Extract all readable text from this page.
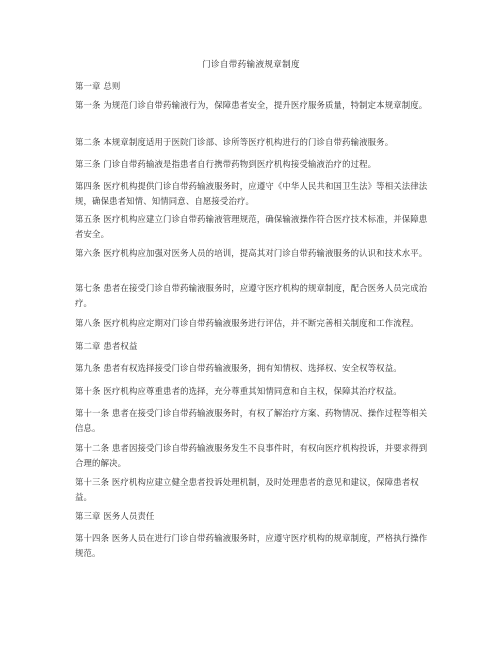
门诊自带药输液规章制度

第一章 总则

第一条 为规范门诊自带药输液行为，保障患者安全，提升医疗服务质量，特制定本规章制度。

第二条 本规章制度适用于医院门诊部、诊所等医疗机构进行的门诊自带药输液服务。

第三条 门诊自带药输液是指患者自行携带药物到医疗机构接受输液治疗的过程。

第四条 医疗机构提供门诊自带药输液服务时，应遵守《中华人民共和国卫生法》等相关法律法规，确保患者知情、知情同意、自愿接受治疗。

第五条 医疗机构应建立门诊自带药输液管理规范，确保输液操作符合医疗技术标准，并保障患者安全。

第六条 医疗机构应加强对医务人员的培训，提高其对门诊自带药输液服务的认识和技术水平。

第七条 患者在接受门诊自带药输液服务时，应遵守医疗机构的规章制度，配合医务人员完成治疗。

第八条 医疗机构应定期对门诊自带药输液服务进行评估，并不断完善相关制度和工作流程。

第二章 患者权益

第九条 患者有权选择接受门诊自带药输液服务，拥有知情权、选择权、安全权等权益。

第十条 医疗机构应尊重患者的选择，充分尊重其知情同意和自主权，保障其治疗权益。

第十一条 患者在接受门诊自带药输液服务时，有权了解治疗方案、药物情况、操作过程等相关信息。

第十二条 患者因接受门诊自带药输液服务发生不良事件时，有权向医疗机构投诉，并要求得到合理的解决。

第十三条 医疗机构应建立健全患者投诉处理机制，及时处理患者的意见和建议，保障患者权益。

第三章 医务人员责任

第十四条 医务人员在进行门诊自带药输液服务时，应遵守医疗机构的规章制度，严格执行操作规范。
